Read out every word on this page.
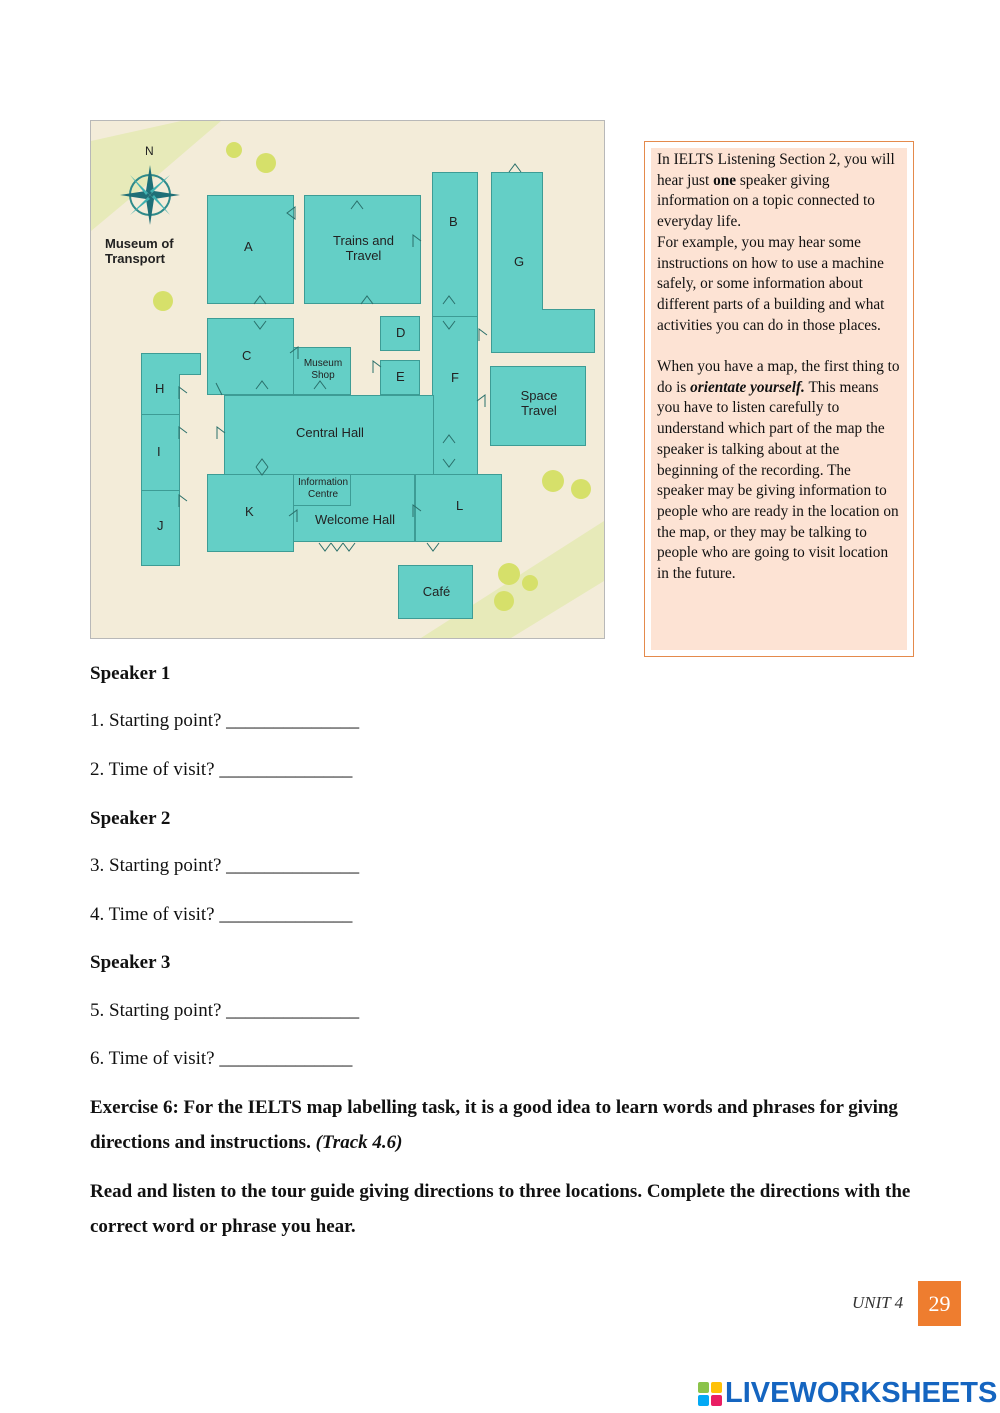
N
Museum of
Transport
A	Trains and
Travel
B
G
C
Museum
Shop
D
E	F
Space
Travel
H
I
J
Central Hall
K
Welcome Hall
Information
Centre
L
Café
In IELTS Listening Section 2, you will hear just one speaker giving information on a topic connected to everyday life.
For example, you may hear some instructions on how to use a machine safely, or some information about different parts of a building and what activities you can do in those places.
When you have a map, the first thing to do is orientate yourself. This means you have to listen carefully to understand which part of the map the speaker is talking about at the beginning of the recording. The speaker may be giving information to people who are ready in the location on the map, or they may be talking to people who are going to visit location in the future.
Speaker 1
1. Starting point? ______________
2. Time of visit? ______________
Speaker 2
3. Starting point? ______________
4. Time of visit? ______________
Speaker 3
5. Starting point? ______________
6. Time of visit? ______________
Exercise 6: For the IELTS map labelling task, it is a good idea to learn words and phrases for giving directions and instructions. (Track 4.6)
Read and listen to the tour guide giving directions to three locations. Complete the directions with the correct word or phrase you hear.
UNIT 4	29
LIVEWORKSHEETS
